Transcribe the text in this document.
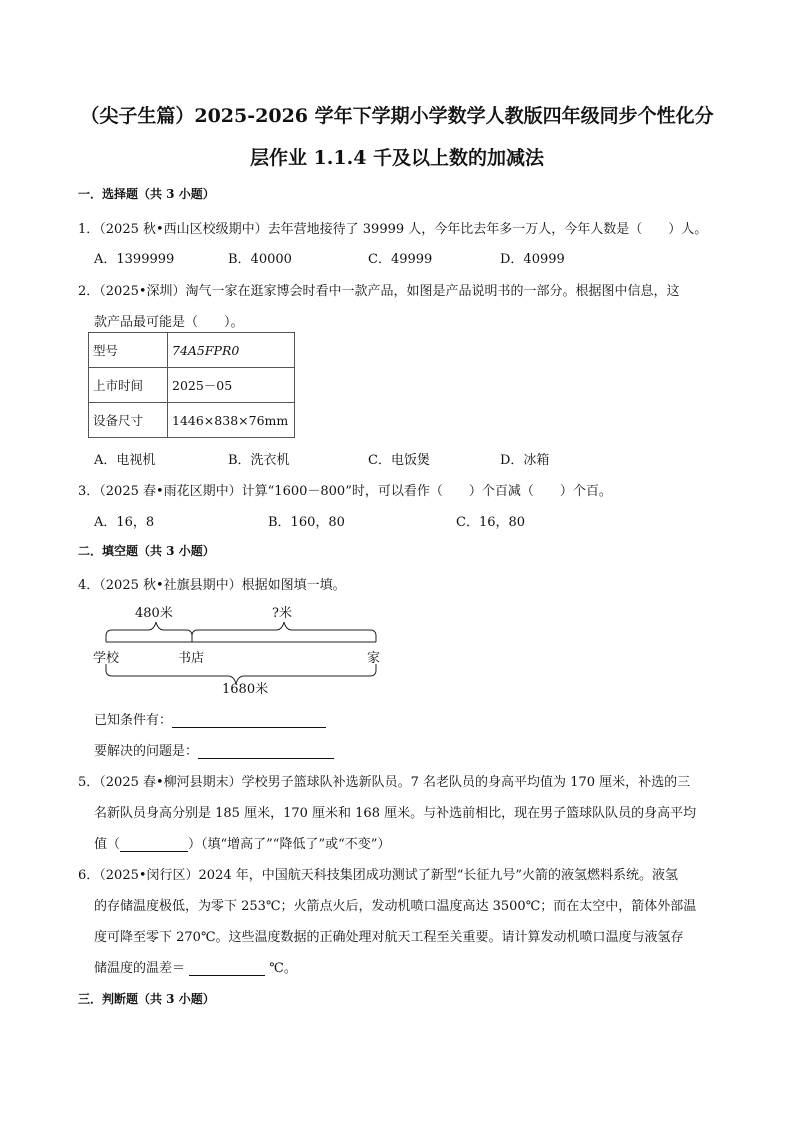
（尖子生篇）2025-2026 学年下学期小学数学人教版四年级同步个性化分
层作业 1.1.4 千及以上数的加减法
一．选择题（共 3 小题）
1．（2025 秋•西山区校级期中）去年营地接待了 39999 人，今年比去年多一万人，今年人数是（　　）人。
A．1399999	B．40000	C．49999	D．40999
2．（2025•深圳）淘气一家在逛家博会时看中一款产品，如图是产品说明书的一部分。根据图中信息，这
款产品最可能是（　　）。
型号	74A5FPR0
上市时间	2025－05
设备尺寸	1446×838×76mm
A．电视机	B．洗衣机	C．电饭煲	D．冰箱
3．（2025 春•雨花区期中）计算“1600－800”时，可以看作（　　）个百减（　　）个百。
A．16，8	B．160，80	C．16，80
二．填空题（共 3 小题）
4．（2025 秋•社旗县期中）根据如图填一填。
480米	?米
学校	书店	家
1680米
已知条件有：
要解决的问题是：
5．（2025 春•柳河县期末）学校男子篮球队补选新队员。7 名老队员的身高平均值为 170 厘米，补选的三
名新队员身高分别是 185 厘米，170 厘米和 168 厘米。与补选前相比，现在男子篮球队队员的身高平均
值（	）（填“增高了”“降低了”或“不变”）
6．（2025•闵行区）2024 年，中国航天科技集团成功测试了新型“长征九号”火箭的液氢燃料系统。液氢
的存储温度极低，为零下 253℃；火箭点火后，发动机喷口温度高达 3500℃；而在太空中，箭体外部温
度可降至零下 270℃。这些温度数据的正确处理对航天工程至关重要。请计算发动机喷口温度与液氢存
储温度的温差＝	℃。
三．判断题（共 3 小题）
